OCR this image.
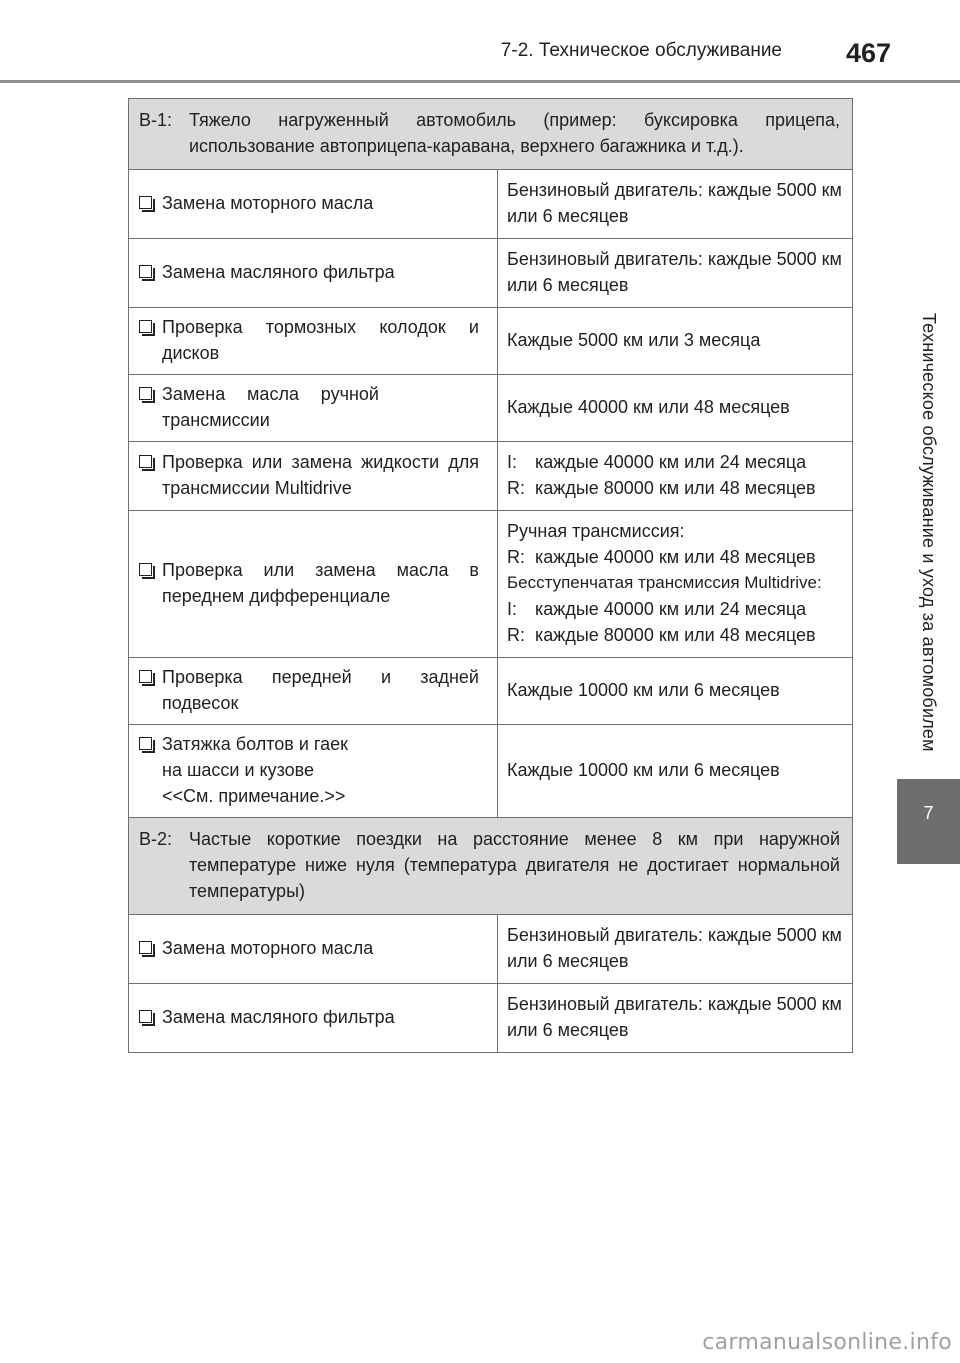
7-2. Техническое обслуживание 467
Техническое обслуживание и уход за автомобилем
7
B-1: Тяжело нагруженный автомобиль (пример: буксировка прицепа, использование автоприцепа-каравана, верхнего багажника и т.д.).	

Замена моторного масла	Бензиновый двигатель: каждые 5000 км
или 6 месяцев

Замена масляного фильтра	Бензиновый двигатель: каждые 5000 км
или 6 месяцев

Проверка тормозных колодок и дисков	Каждые 5000 км или 3 месяца

Замена масла ручной трансмиссии	Каждые 40000 км или 48 месяцев

Проверка или замена жидкости для трансмиссии Multidrive	I: каждые 40000 км или 24 месяца
R: каждые 80000 км или 48 месяцев

Проверка или замена масла в переднем дифференциале	Ручная трансмиссия:
R: каждые 40000 км или 48 месяцев
Бесступенчатая трансмиссия Multidrive:
I: каждые 40000 км или 24 месяца
R: каждые 80000 км или 48 месяцев

Проверка передней и задней подвесок	Каждые 10000 км или 6 месяцев

Затяжка болтов и гаек
на шасси и кузове
<<См. примечание.>>	Каждые 10000 км или 6 месяцев

B-2: Частые короткие поездки на расстояние менее 8 км при наружной температуре ниже нуля (температура двигателя не достигает нормальной температуры)	

Замена моторного масла	Бензиновый двигатель: каждые 5000 км
или 6 месяцев

Замена масляного фильтра	Бензиновый двигатель: каждые 5000 км
или 6 месяцев
carmanualsonline.info
